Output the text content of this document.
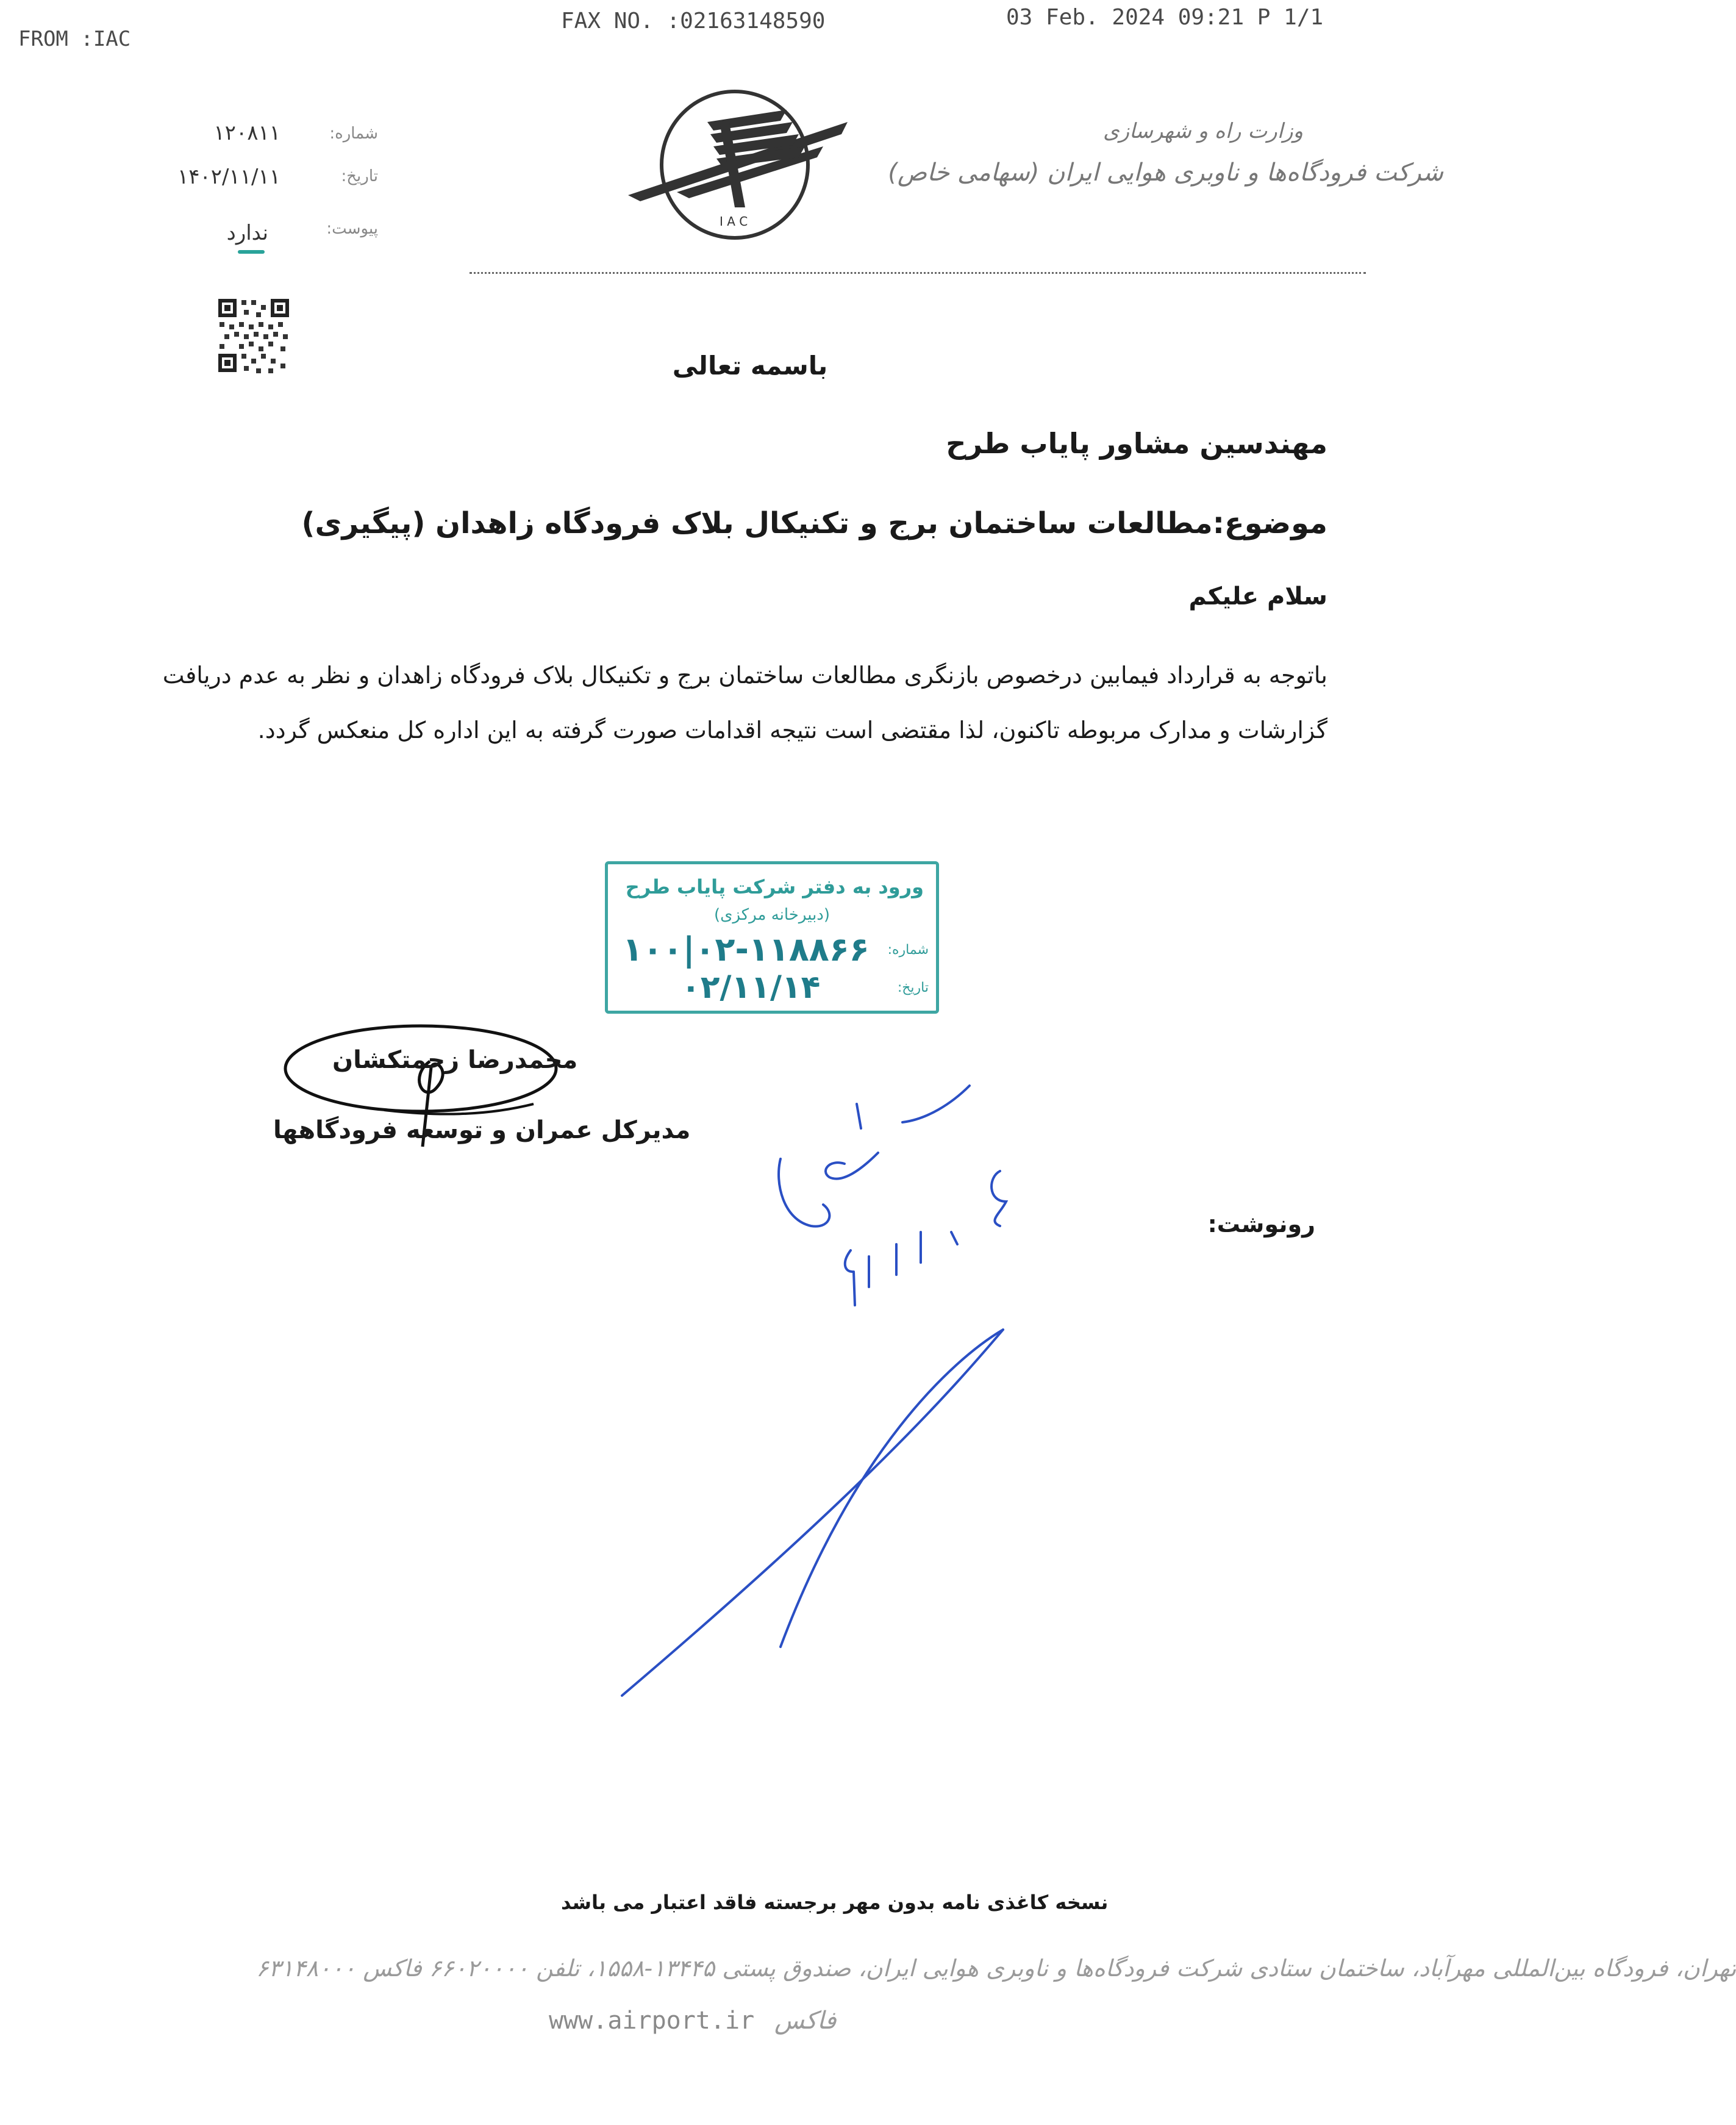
FROM :IAC
FAX NO. :02163148590	03 Feb. 2024 09:21 P 1/1
۱۲۰۸۱۱	شماره:
۱۴۰۲/۱۱/۱۱	تاریخ:
ندارد	پیوست:	I A C
وزارت راه و شهرسازی
شرکت فرودگاه‌ها و ناوبری هوایی ایران (سهامی خاص)
باسمه تعالی
مهندسین مشاور پایاب طرح
موضوع:مطالعات ساختمان برج و تکنیکال بلاک فرودگاه زاهدان (پیگیری)
سلام علیکم
باتوجه به قرارداد فیمابین درخصوص بازنگری مطالعات ساختمان برج و تکنیکال بلاک فرودگاه زاهدان و نظر به عدم دریافت
گزارشات و مدارک مربوطه تاکنون، لذا مقتضی است نتیجه اقدامات صورت گرفته به این اداره کل منعکس گردد.
ورود به دفتر شرکت پایاب طرح
(دبیرخانه مرکزی)
شماره:
۱۰۰|۰۲-۱۱۸۸۶۶
تاریخ:
۰۲/۱۱/۱۴
محمدرضا زحمتکشان
مدیرکل عمران و توسعه فرودگاهها
رونوشت:
نسخه کاغذی نامه بدون مهر برجسته فاقد اعتبار می باشد
تهران، فرودگاه بین‌المللی مهرآباد، ساختمان ستادی شرکت فرودگاه‌ها و ناوبری هوایی ایران، صندوق پستی ۱۳۴۴۵-۱۵۵۸، تلفن ۶۶۰۲۰۰۰۰ فاکس ۶۳۱۴۸۰۰۰
www.airport.ir فاکس
